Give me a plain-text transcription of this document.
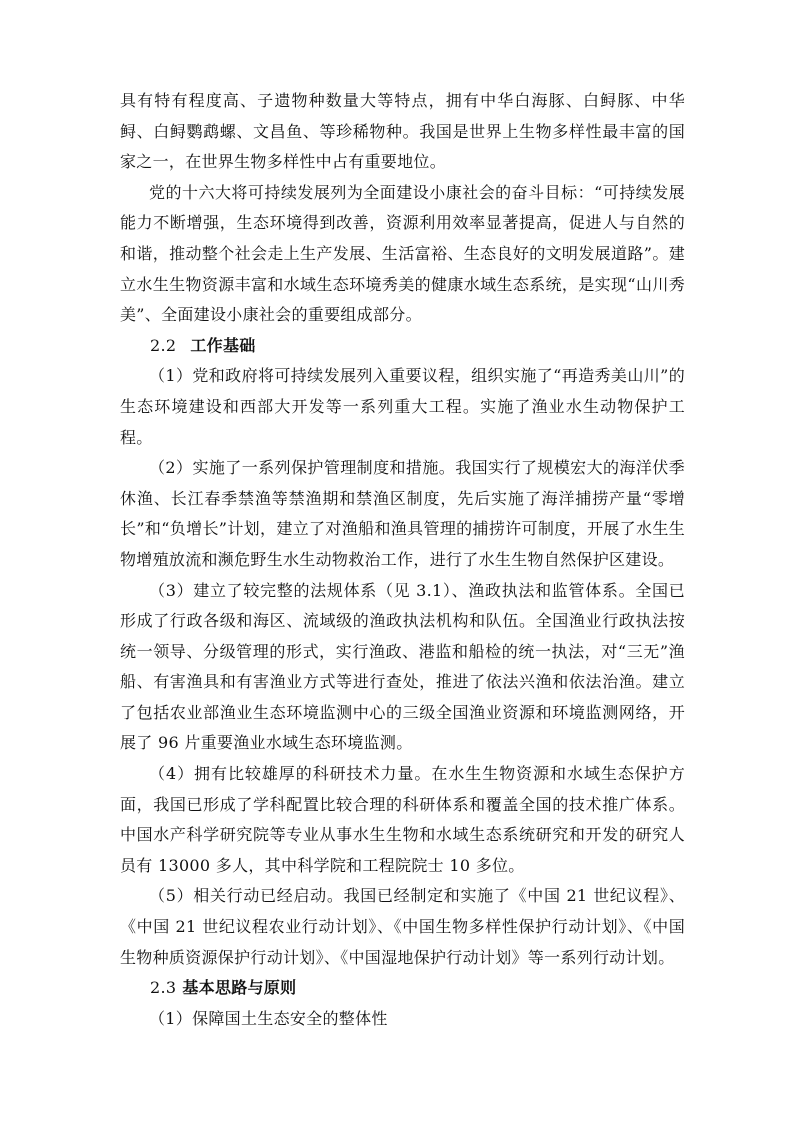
具有特有程度高、子遗物种数量大等特点，拥有中华白海豚、白鲟豚、中华鲟、白鲟鹦鹉螺、文昌鱼、等珍稀物种。我国是世界上生物多样性最丰富的国家之一，在世界生物多样性中占有重要地位。

党的十六大将可持续发展列为全面建设小康社会的奋斗目标：“可持续发展能力不断增强，生态环境得到改善，资源利用效率显著提高，促进人与自然的和谐，推动整个社会走上生产发展、生活富裕、生态良好的文明发展道路”。建立水生生物资源丰富和水域生态环境秀美的健康水域生态系统，是实现“山川秀美”、全面建设小康社会的重要组成部分。

2.2 工作基础

（1）党和政府将可持续发展列入重要议程，组织实施了“再造秀美山川”的生态环境建设和西部大开发等一系列重大工程。实施了渔业水生动物保护工程。

（2）实施了一系列保护管理制度和措施。我国实行了规模宏大的海洋伏季休渔、长江春季禁渔等禁渔期和禁渔区制度，先后实施了海洋捕捞产量“零增长”和“负增长”计划，建立了对渔船和渔具管理的捕捞许可制度，开展了水生生物增殖放流和濒危野生水生动物救治工作，进行了水生生物自然保护区建设。

（3）建立了较完整的法规体系（见 3.1）、渔政执法和监管体系。全国已形成了行政各级和海区、流域级的渔政执法机构和队伍。全国渔业行政执法按统一领导、分级管理的形式，实行渔政、港监和船检的统一执法，对“三无”渔船、有害渔具和有害渔业方式等进行查处，推进了依法兴渔和依法治渔。建立了包括农业部渔业生态环境监测中心的三级全国渔业资源和环境监测网络，开展了 96 片重要渔业水域生态环境监测。

（4）拥有比较雄厚的科研技术力量。在水生生物资源和水域生态保护方面，我国已形成了学科配置比较合理的科研体系和覆盖全国的技术推广体系。中国水产科学研究院等专业从事水生生物和水域生态系统研究和开发的研究人员有 13000 多人，其中科学院和工程院院士 10 多位。

（5）相关行动已经启动。我国已经制定和实施了《中国 21 世纪议程》、《中国 21 世纪议程农业行动计划》、《中国生物多样性保护行动计划》、《中国生物种质资源保护行动计划》、《中国湿地保护行动计划》等一系列行动计划。

2.3 基本思路与原则

（1）保障国土生态安全的整体性
